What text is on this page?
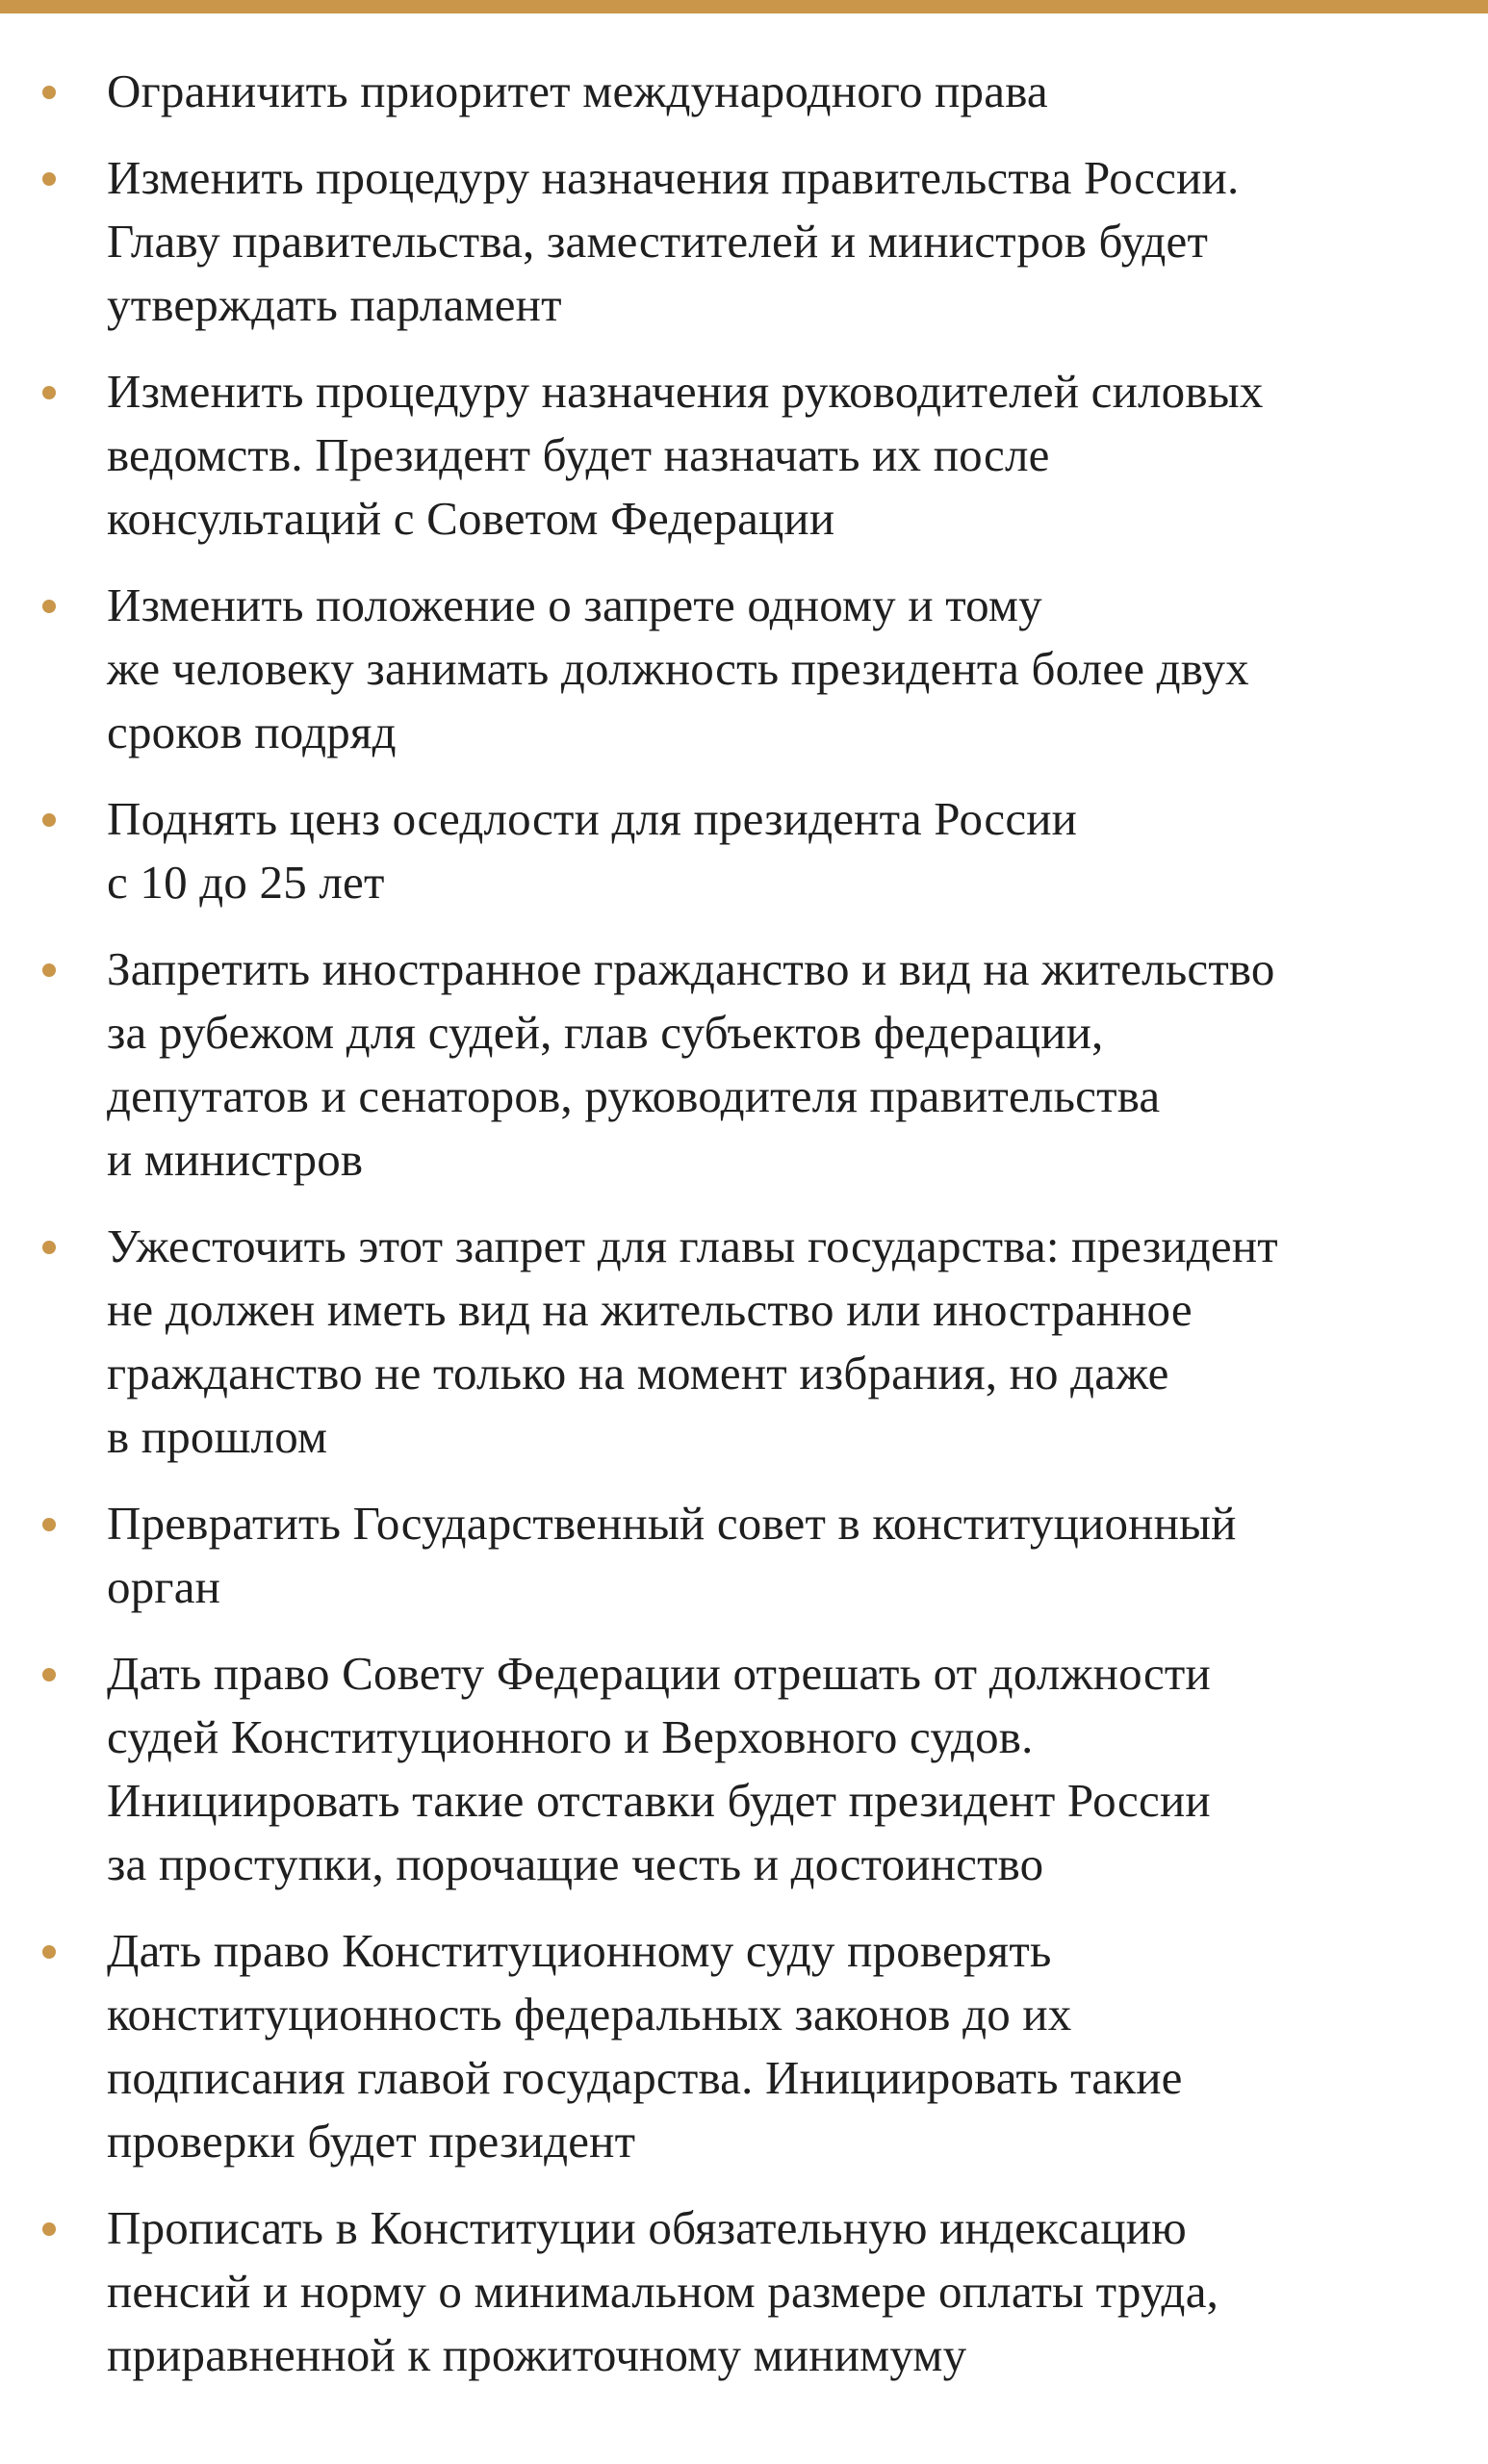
Ограничить приоритет международного права
Изменить процедуру назначения правительства России.
Главу правительства, заместителей и министров будет
утверждать парламент
Изменить процедуру назначения руководителей силовых
ведомств. Президент будет назначать их после
консультаций с Советом Федерации
Изменить положение о запрете одному и тому
же человеку занимать должность президента более двух
сроков подряд
Поднять ценз оседлости для президента России
с 10 до 25 лет
Запретить иностранное гражданство и вид на жительство
за рубежом для судей, глав субъектов федерации,
депутатов и сенаторов, руководителя правительства
и министров
Ужесточить этот запрет для главы государства: президент
не должен иметь вид на жительство или иностранное
гражданство не только на момент избрания, но даже
в прошлом
Превратить Государственный совет в конституционный
орган
Дать право Совету Федерации отрешать от должности
судей Конституционного и Верховного судов.
Инициировать такие отставки будет президент России
за проступки, порочащие честь и достоинство
Дать право Конституционному суду проверять
конституционность федеральных законов до их
подписания главой государства. Инициировать такие
проверки будет президент
Прописать в Конституции обязательную индексацию
пенсий и норму о минимальном размере оплаты труда,
приравненной к прожиточному минимуму
